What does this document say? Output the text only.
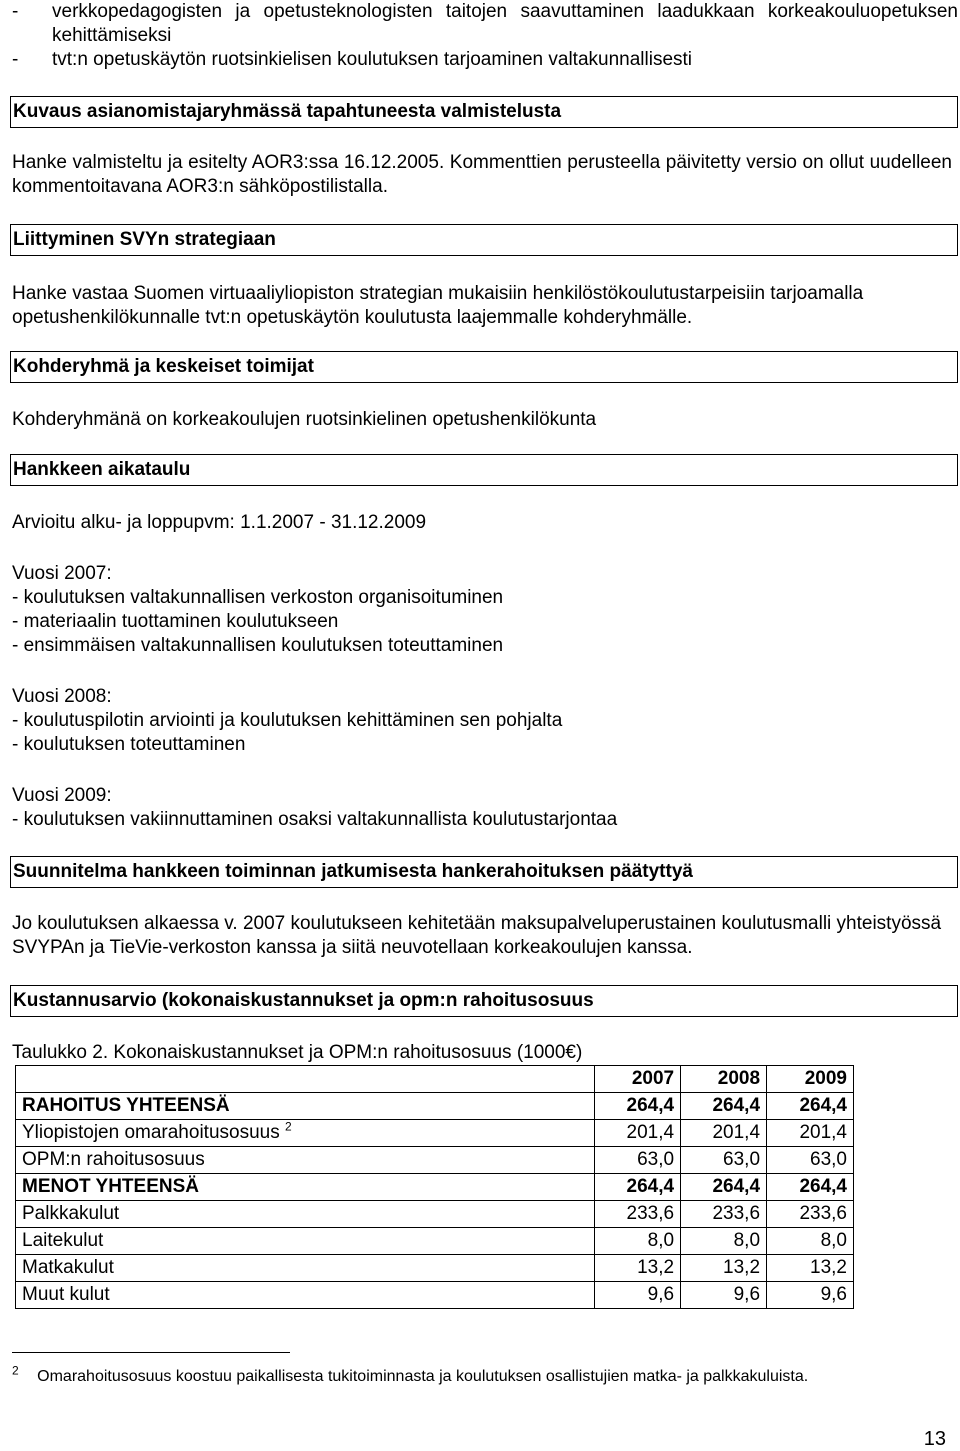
- verkkopedagogisten ja opetusteknologisten taitojen saavuttaminen laadukkaan korkeakouluopetuksen kehittämiseksi
- tvt:n opetuskäytön ruotsinkielisen koulutuksen tarjoaminen valtakunnallisesti
Kuvaus asianomistajaryhmässä tapahtuneesta valmistelusta

Hanke valmisteltu ja esitelty AOR3:ssa 16.12.2005. Kommenttien perusteella päivitetty versio on ollut uudelleen kommentoitavana AOR3:n sähköpostilistalla.

Liittyminen SVYn strategiaan

Hanke vastaa Suomen virtuaaliyliopiston strategian mukaisiin henkilöstökoulutustarpeisiin tarjoamalla opetushenkilökunnalle tvt:n opetuskäytön koulutusta laajemmalle kohderyhmälle.

Kohderyhmä ja keskeiset toimijat

Kohderyhmänä on korkeakoulujen ruotsinkielinen opetushenkilökunta

Hankkeen aikataulu

Arvioitu alku- ja loppupvm: 1.1.2007 - 31.12.2009

Vuosi 2007:
- koulutuksen valtakunnallisen verkoston organisoituminen
- materiaalin tuottaminen koulutukseen
- ensimmäisen valtakunnallisen koulutuksen toteuttaminen
Vuosi 2008:
- koulutuspilotin arviointi ja koulutuksen kehittäminen sen pohjalta
- koulutuksen toteuttaminen
Vuosi 2009:
- koulutuksen vakiinnuttaminen osaksi valtakunnallista koulutustarjontaa
Suunnitelma hankkeen toiminnan jatkumisesta hankerahoituksen päätyttyä

Jo koulutuksen alkaessa v. 2007 koulutukseen kehitetään maksupalveluperustainen koulutusmalli yhteistyössä SVYPAn ja TieVie-verkoston kanssa ja siitä neuvotellaan korkeakoulujen kanssa.

Kustannusarvio (kokonaiskustannukset ja opm:n rahoitusosuus

Taulukko 2. Kokonaiskustannukset ja OPM:n rahoitusosuus (1000€)

	2007	2008	2009
RAHOITUS YHTEENSÄ	264,4	264,4	264,4
Yliopistojen omarahoitusosuus $^2$	201,4	201,4	201,4
OPM:n rahoitusosuus	63,0	63,0	63,0
MENOT YHTEENSÄ	264,4	264,4	264,4
Palkkakulut	233,6	233,6	233,6
Laitekulut	8,0	8,0	8,0
Matkakulut	13,2	13,2	13,2
Muut kulut	9,6	9,6	9,6
$^2$ Omarahoitusosuus koostuu paikallisesta tukitoiminnasta ja koulutuksen osallistujien matka- ja palkkakuluista.
13
